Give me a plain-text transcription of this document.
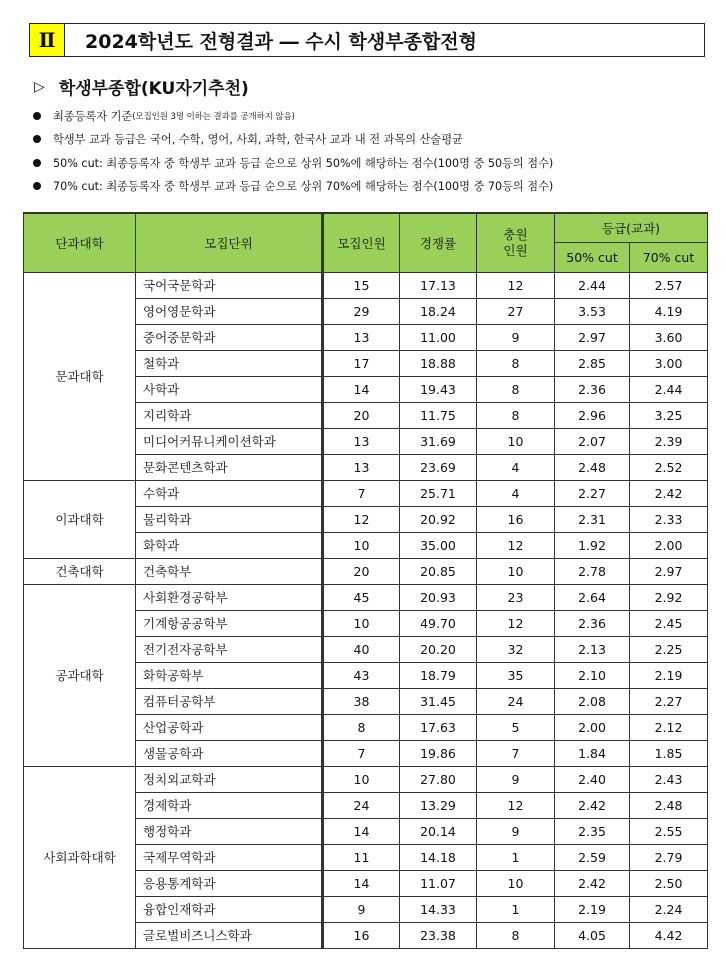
Ⅱ	2024학년도 전형결과 ― 수시 학생부종합전형
▷ 학생부종합(KU자기추천)
최종등록자 기준 (모집인원 3명 이하는 결과를 공개하지 않음)
학생부 교과 등급은 국어, 수학, 영어, 사회, 과학, 한국사 교과 내 전 과목의 산술평균
50% cut: 최종등록자 중 학생부 교과 등급 순으로 상위 50%에 해당하는 점수(100명 중 50등의 점수)
70% cut: 최종등록자 중 학생부 교과 등급 순으로 상위 70%에 해당하는 점수(100명 중 70등의 점수)
단과대학	모집단위	모집인원	경쟁률	충원
인원	등급(교과)	
					50% cut	70% cut
문과대학	국어국문학과	15	17.13	12	2.44	2.57
	영어영문학과	29	18.24	27	3.53	4.19
	중어중문학과	13	11.00	9	2.97	3.60
	철학과	17	18.88	8	2.85	3.00
	사학과	14	19.43	8	2.36	2.44
	지리학과	20	11.75	8	2.96	3.25
	미디어커뮤니케이션학과	13	31.69	10	2.07	2.39
	문화콘텐츠학과	13	23.69	4	2.48	2.52
이과대학	수학과	7	25.71	4	2.27	2.42
	물리학과	12	20.92	16	2.31	2.33
	화학과	10	35.00	12	1.92	2.00
건축대학	건축학부	20	20.85	10	2.78	2.97
공과대학	사회환경공학부	45	20.93	23	2.64	2.92
	기계항공공학부	10	49.70	12	2.36	2.45
	전기전자공학부	40	20.20	32	2.13	2.25
	화학공학부	43	18.79	35	2.10	2.19
	컴퓨터공학부	38	31.45	24	2.08	2.27
	산업공학과	8	17.63	5	2.00	2.12
	생물공학과	7	19.86	7	1.84	1.85
사회과학대학	정치외교학과	10	27.80	9	2.40	2.43
	경제학과	24	13.29	12	2.42	2.48
	행정학과	14	20.14	9	2.35	2.55
	국제무역학과	11	14.18	1	2.59	2.79
	응용통계학과	14	11.07	10	2.42	2.50
	융합인재학과	9	14.33	1	2.19	2.24
	글로벌비즈니스학과	16	23.38	8	4.05	4.42
